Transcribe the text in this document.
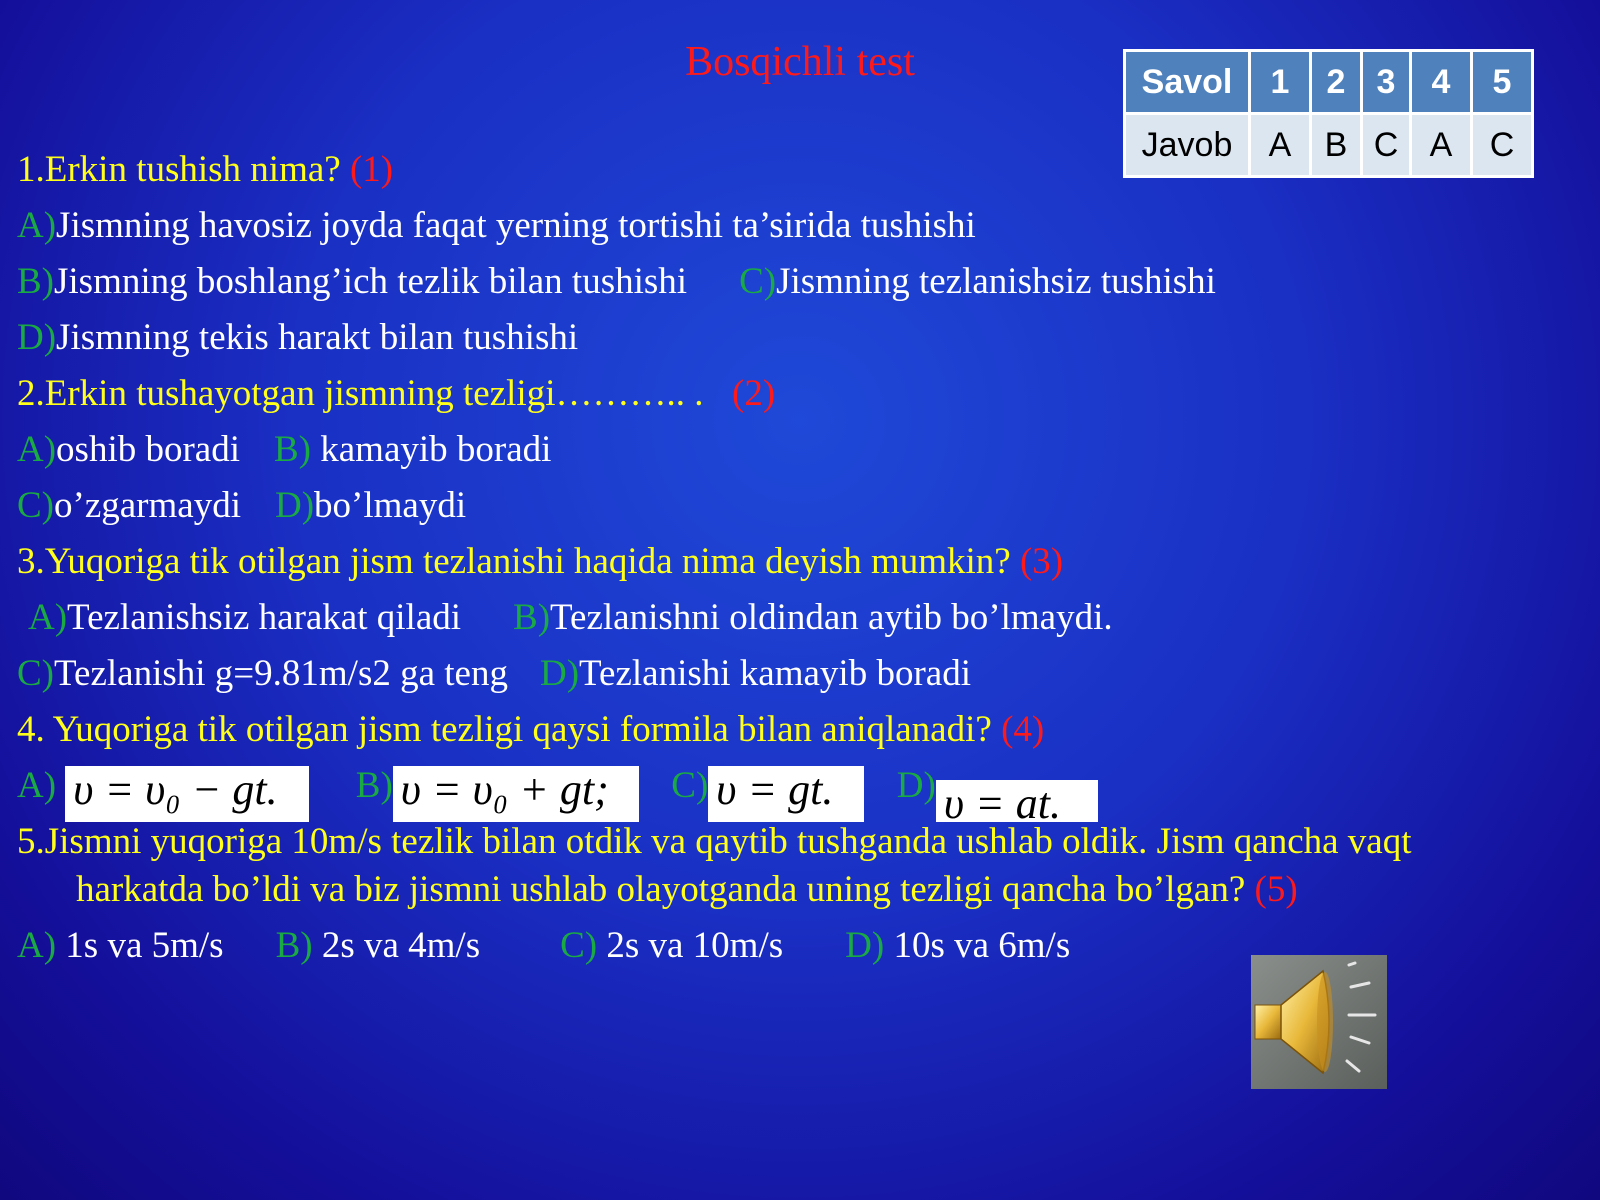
Bosqichli test	Savol	1	2	3	4	5
Javob	A	B	C	A	C
1.Erkin tushish nima? (1)
A)Jismning havosiz joyda faqat yerning tortishi ta’sirida tushishi
B)Jismning boshlang’ich tezlik bilan tushishi C)Jismning tezlanishsiz tushishi
D)Jismning tekis harakt bilan tushishi
2.Erkin tushayotgan jismning tezligi……….. . (2)
A)oshib boradi B) kamayib boradi
C)o’zgarmaydi D)bo’lmaydi
3.Yuqoriga tik otilgan jism tezlanishi haqida nima deyish mumkin? (3)
A)Tezlanishsiz harakat qiladi B)Tezlanishni oldindan aytib bo’lmaydi.
C)Tezlanishi g=9.81m/s2 ga teng D)Tezlanishi kamayib boradi
4. Yuqoriga tik otilgan jism tezligi qaysi formila bilan aniqlanadi? (4)
A) υ = υ₀ − gt. B) υ = υ₀ + gt; C) υ = gt. D) υ = at.
5.Jismni yuqoriga 10m/s tezlik bilan otdik va qaytib tushganda ushlab oldik. Jism qancha vaqt
harkatda bo’ldi va biz jismni ushlab olayotganda uning tezligi qancha bo’lgan? (5)
A) 1s va 5m/s B) 2s va 4m/s C) 2s va 10m/s D) 10s va 6m/s
